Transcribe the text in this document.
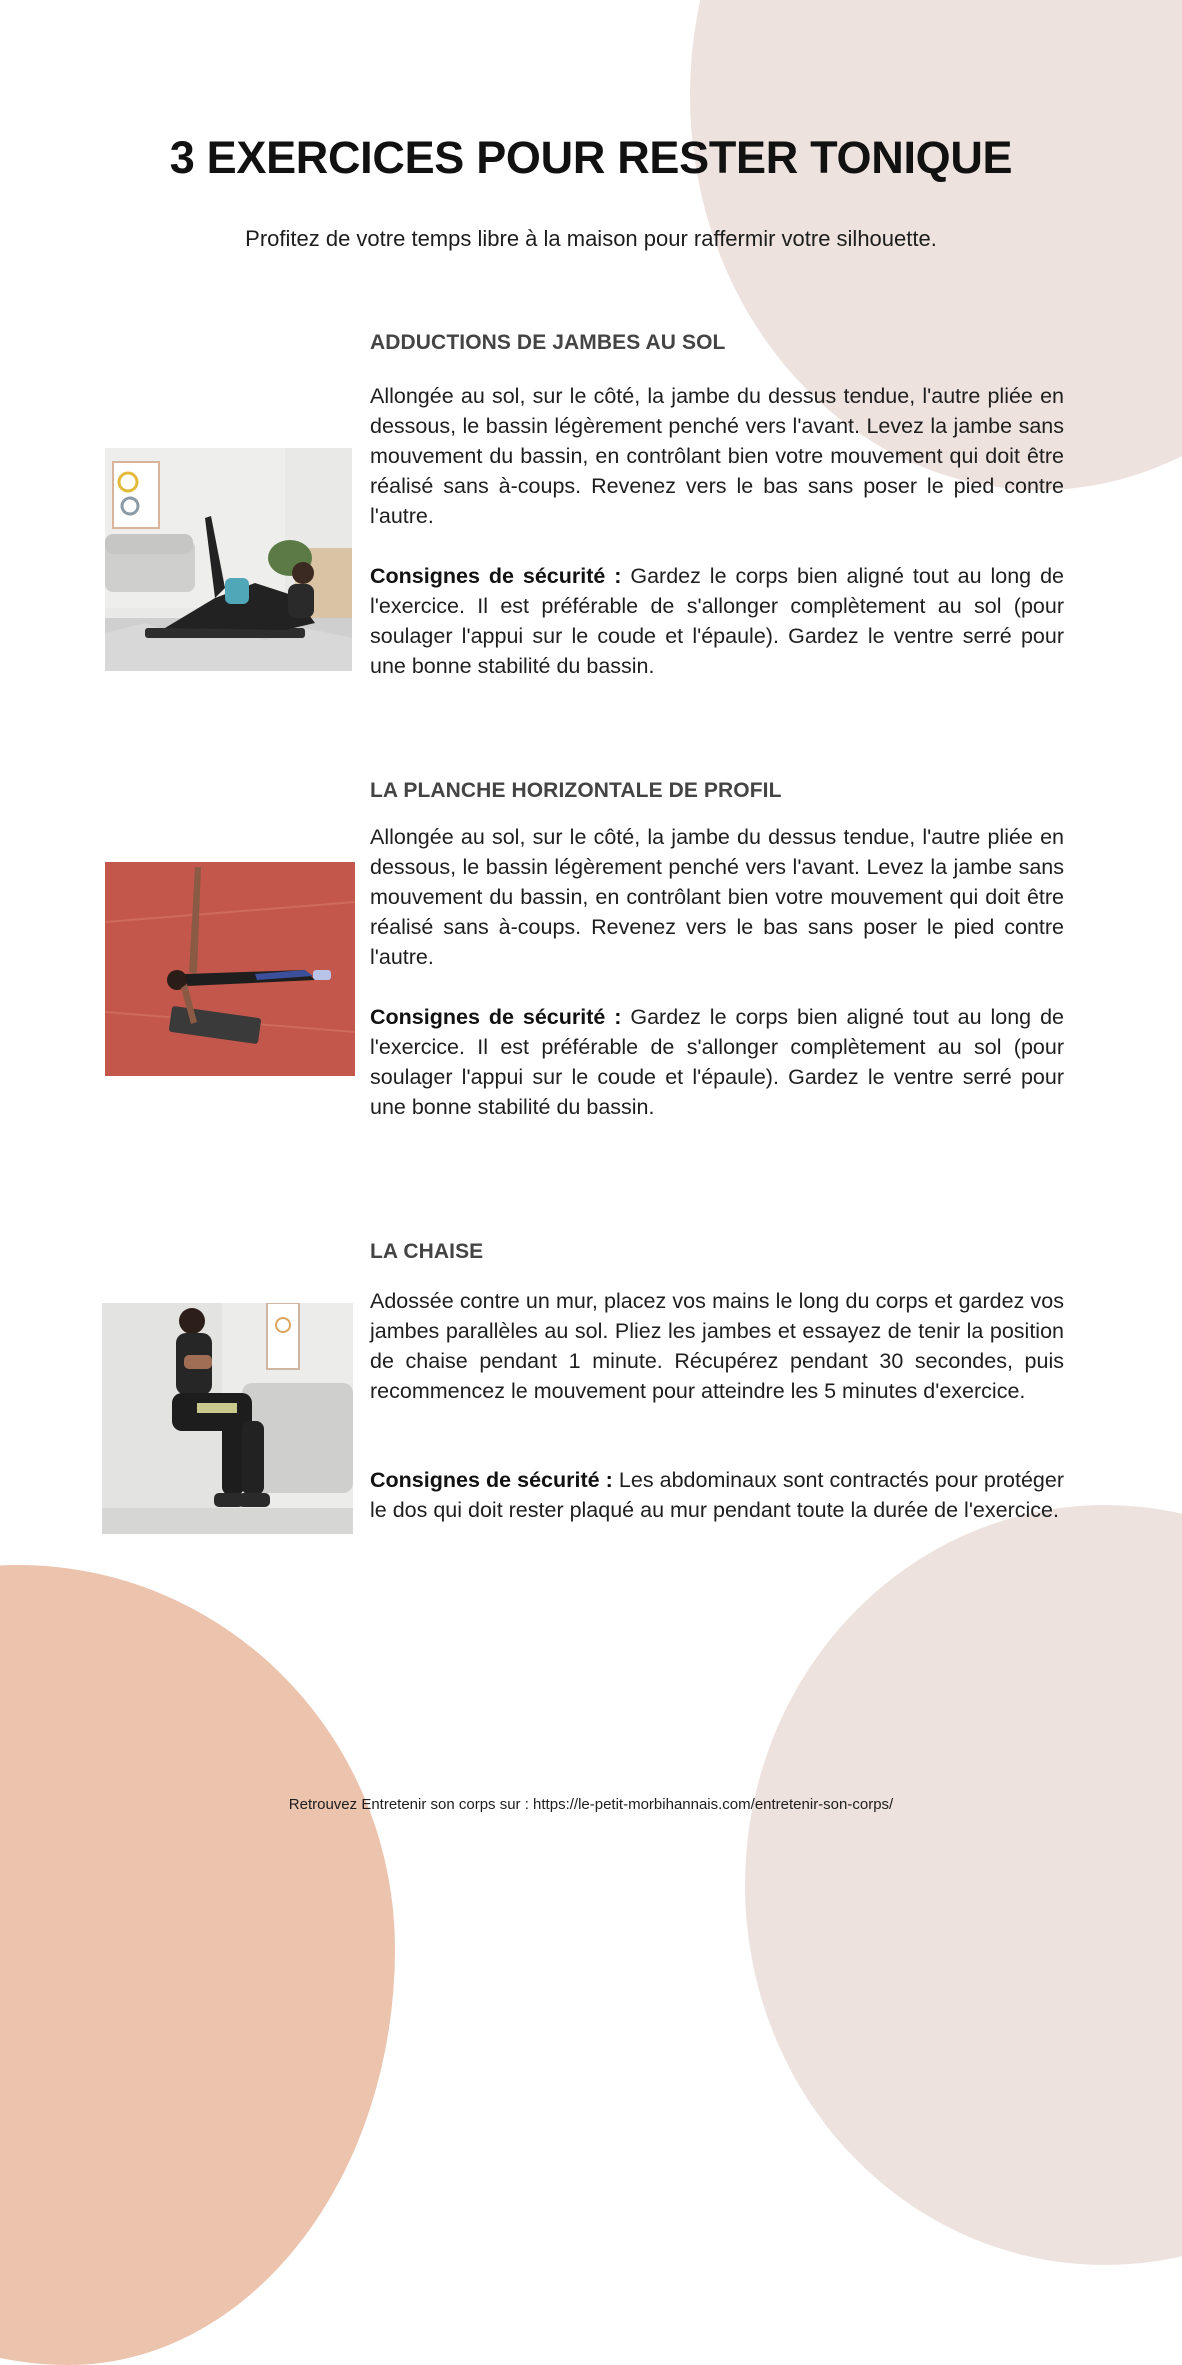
3 EXERCICES POUR RESTER TONIQUE

Profitez de votre temps libre à la maison pour raffermir votre silhouette.

ADDUCTIONS DE JAMBES AU SOL

Allongée au sol, sur le côté, la jambe du dessus tendue, l'autre pliée en dessous, le bassin légèrement penché vers l'avant. Levez la jambe sans mouvement du bassin, en contrôlant bien votre mouvement qui doit être réalisé sans à-coups. Revenez vers le bas sans poser le pied contre l'autre.

Consignes de sécurité : Gardez le corps bien aligné tout au long de l'exercice. Il est préférable de s'allonger complètement au sol (pour soulager l'appui sur le coude et l'épaule). Gardez le ventre serré pour une bonne stabilité du bassin.

LA PLANCHE HORIZONTALE DE PROFIL

Allongée au sol, sur le côté, la jambe du dessus tendue, l'autre pliée en dessous, le bassin légèrement penché vers l'avant. Levez la jambe sans mouvement du bassin, en contrôlant bien votre mouvement qui doit être réalisé sans à-coups. Revenez vers le bas sans poser le pied contre l'autre.

Consignes de sécurité : Gardez le corps bien aligné tout au long de l'exercice. Il est préférable de s'allonger complètement au sol (pour soulager l'appui sur le coude et l'épaule). Gardez le ventre serré pour une bonne stabilité du bassin.

LA CHAISE

Adossée contre un mur, placez vos mains le long du corps et gardez vos jambes parallèles au sol. Pliez les jambes et essayez de tenir la position de chaise pendant 1 minute. Récupérez pendant 30 secondes, puis recommencez le mouvement pour atteindre les 5 minutes d'exercice.

Consignes de sécurité : Les abdominaux sont contractés pour protéger le dos qui doit rester plaqué au mur pendant toute la durée de l'exercice.

Retrouvez Entretenir son corps sur : https://le-petit-morbihannais.com/entretenir-son-corps/
